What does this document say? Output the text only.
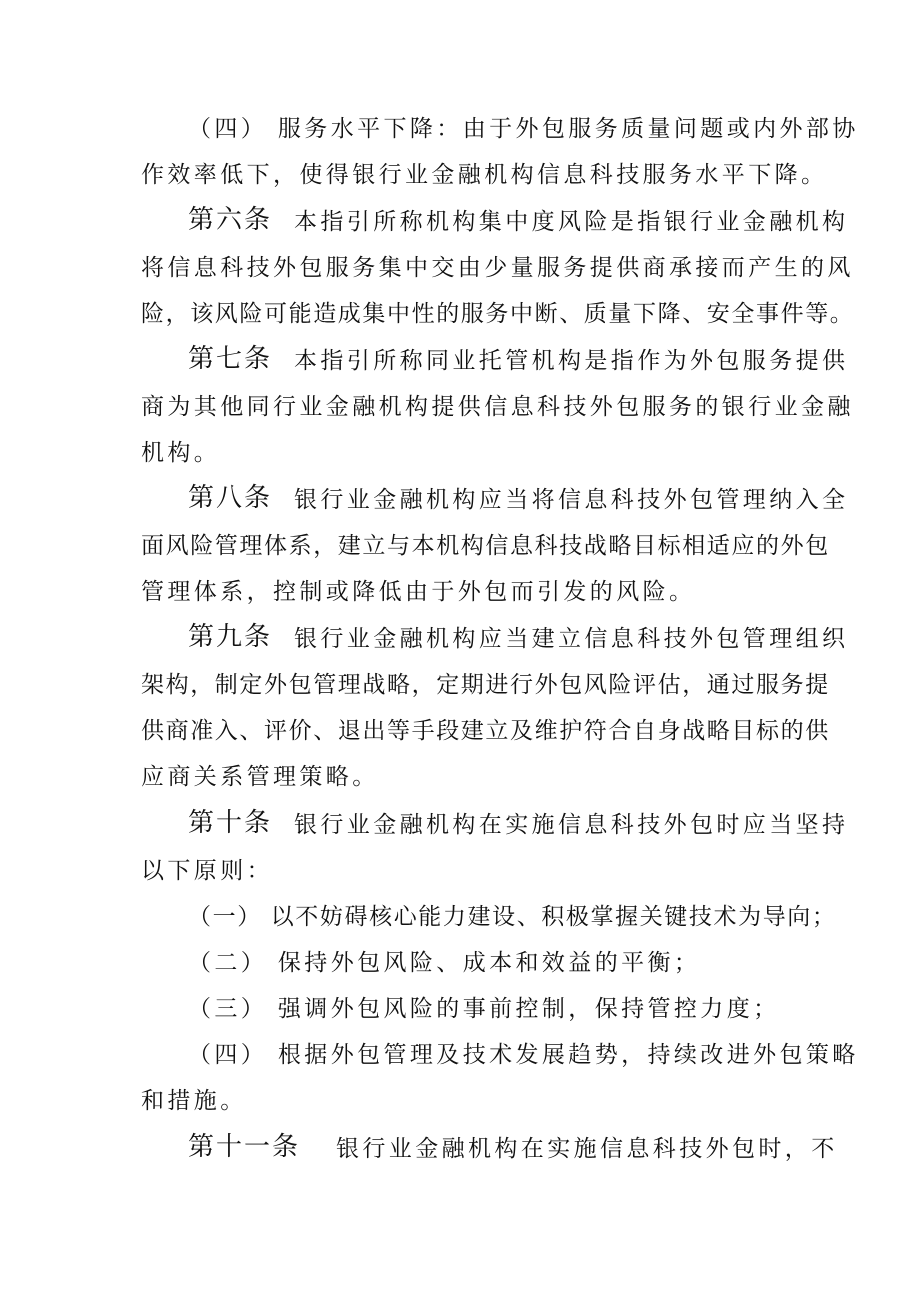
（四） 服务水平下降：由于外包服务质量问题或内外部协
作效率低下，使得银行业金融机构信息科技服务水平下降。
第六条 本指引所称机构集中度风险是指银行业金融机构
将信息科技外包服务集中交由少量服务提供商承接而产生的风
险，该风险可能造成集中性的服务中断、质量下降、安全事件等。
第七条 本指引所称同业托管机构是指作为外包服务提供
商为其他同行业金融机构提供信息科技外包服务的银行业金融
机构。
第八条 银行业金融机构应当将信息科技外包管理纳入全
面风险管理体系，建立与本机构信息科技战略目标相适应的外包
管理体系，控制或降低由于外包而引发的风险。
第九条 银行业金融机构应当建立信息科技外包管理组织
架构，制定外包管理战略，定期进行外包风险评估，通过服务提
供商准入、评价、退出等手段建立及维护符合自身战略目标的供
应商关系管理策略。
第十条 银行业金融机构在实施信息科技外包时应当坚持
以下原则：
（一） 以不妨碍核心能力建设、积极掌握关键技术为导向；
（二） 保持外包风险、成本和效益的平衡；
（三） 强调外包风险的事前控制，保持管控力度；
（四） 根据外包管理及技术发展趋势，持续改进外包策略
和措施。
第十一条 银行业金融机构在实施信息科技外包时，不
